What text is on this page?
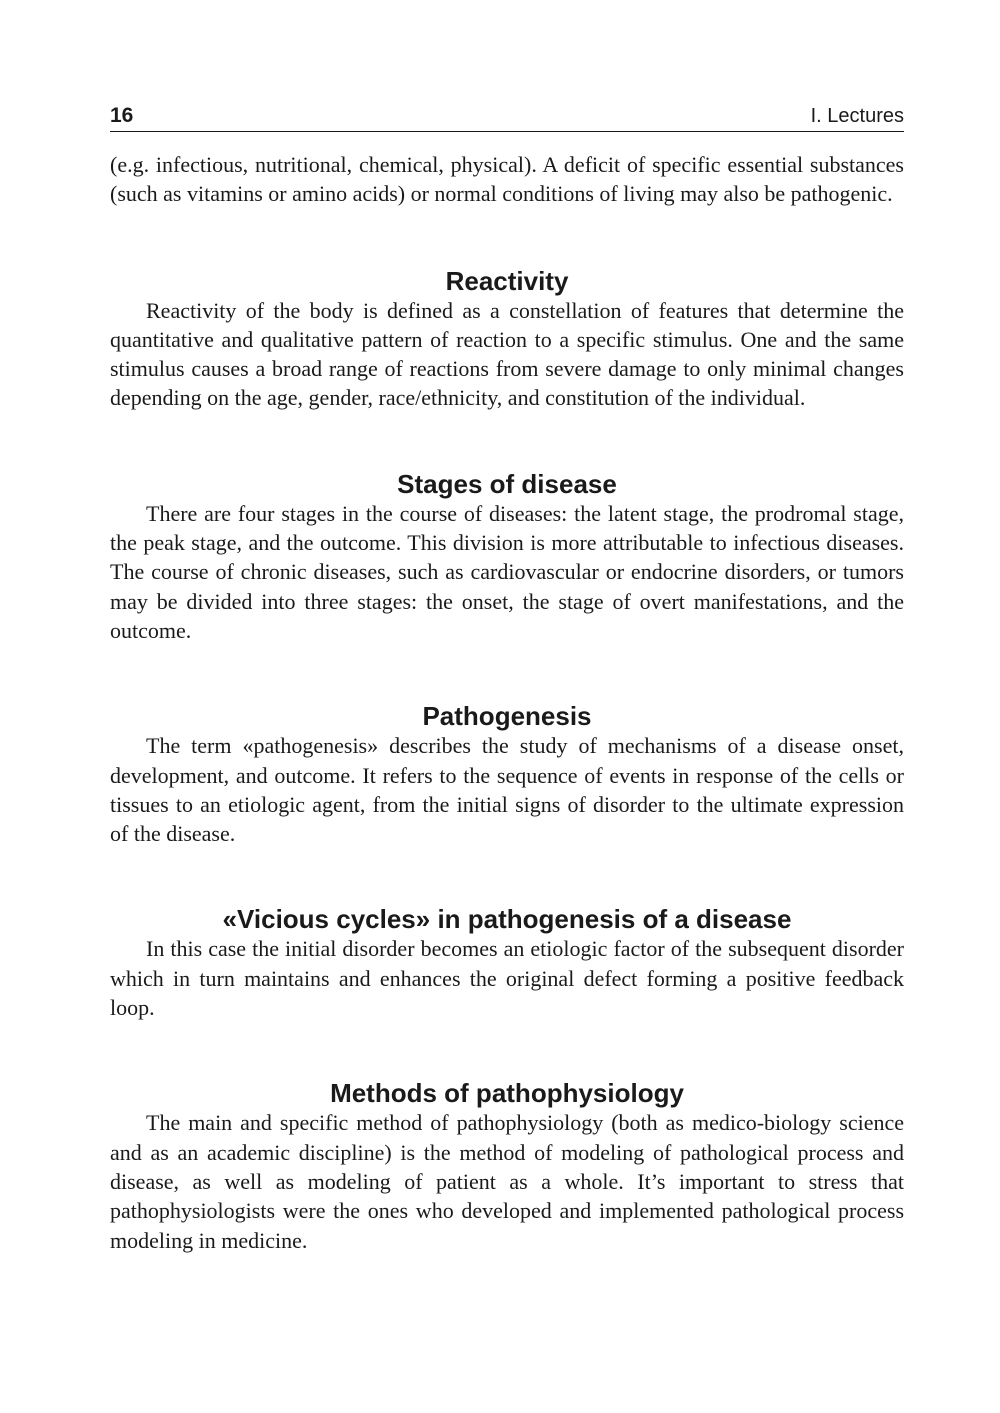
16	I. Lectures

(e.g. infectious, nutritional, chemical, physical). A deficit of specific essential substances (such as vitamins or amino acids) or normal conditions of living may also be pathogenic.

Reactivity

Reactivity of the body is defined as a constellation of features that determine the quantitative and qualitative pattern of reaction to a specific stimulus. One and the same stimulus causes a broad range of reactions from severe damage to only minimal changes depending on the age, gender, race/ethnicity, and constitution of the individual.

Stages of disease

There are four stages in the course of diseases: the latent stage, the prodromal stage, the peak stage, and the outcome. This division is more attributable to infectious diseases. The course of chronic diseases, such as cardiovascular or endocrine disorders, or tumors may be divided into three stages: the onset, the stage of overt manifestations, and the outcome.

Pathogenesis

The term «pathogenesis» describes the study of mechanisms of a disease onset, development, and outcome. It refers to the sequence of events in response of the cells or tissues to an etiologic agent, from the initial signs of disorder to the ultimate expression of the disease.

«Vicious cycles» in pathogenesis of a disease

In this case the initial disorder becomes an etiologic factor of the subsequent disorder which in turn maintains and enhances the original defect forming a positive feedback loop.

Methods of pathophysiology

The main and specific method of pathophysiology (both as medico-biology science and as an academic discipline) is the method of modeling of pathological process and disease, as well as modeling of patient as a whole. It’s important to stress that pathophysiologists were the ones who developed and implemented pathological process modeling in medicine.
